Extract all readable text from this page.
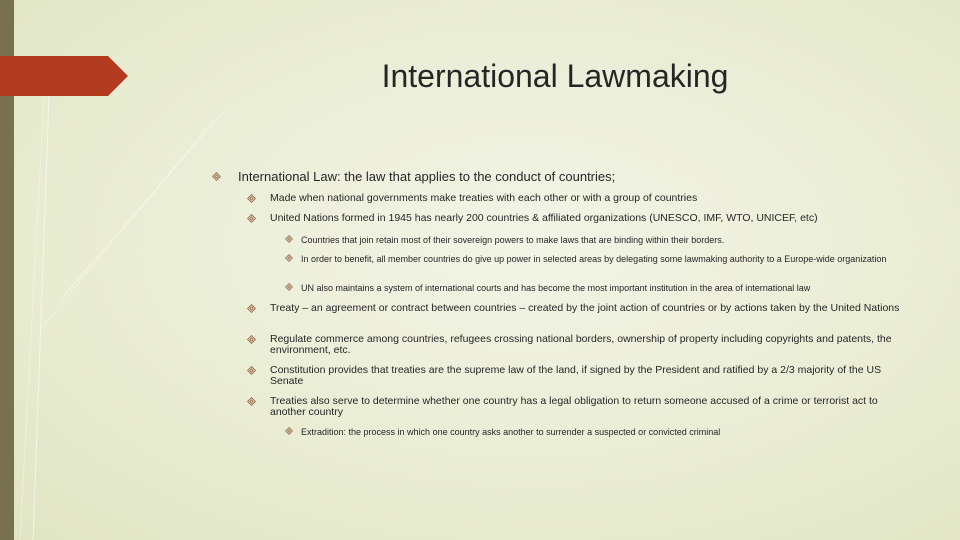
International Lawmaking
International Law: the law that applies to the conduct of countries;
Made when national governments make treaties with each other or with a group of countries
United Nations formed in 1945 has nearly 200 countries & affiliated organizations (UNESCO, IMF, WTO, UNICEF, etc)
Countries that join retain most of their sovereign powers to make laws that are binding within their borders.
In order to benefit, all member countries do give up power in selected areas by delegating some lawmaking authority to a Europe-wide organization
UN also maintains a system of international courts and has become the most important institution in the area of international law
Treaty – an agreement or contract between countries – created by the joint action of countries or by actions taken by the United Nations
Regulate commerce among countries, refugees crossing national borders, ownership of property including copyrights and patents, the environment, etc.
Constitution provides that treaties are the supreme law of the land, if signed by the President and ratified by a 2/3 majority of the US Senate
Treaties also serve to determine whether one country has a legal obligation to return someone accused of a crime or terrorist act to another country
Extradition: the process in which one country asks another to surrender a suspected or convicted criminal
